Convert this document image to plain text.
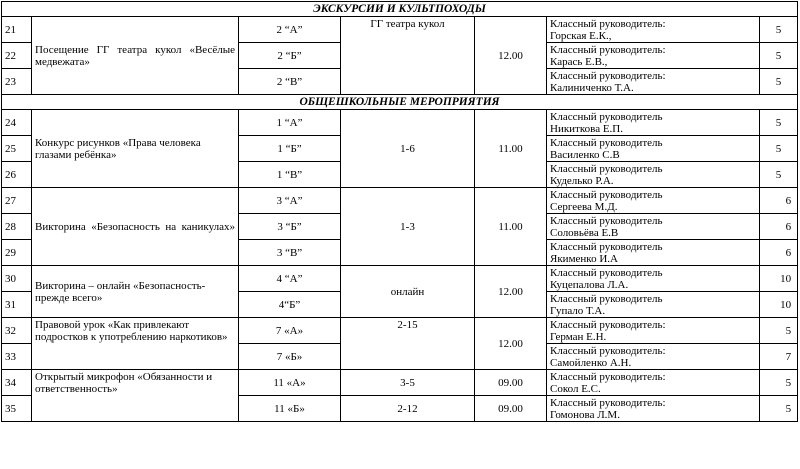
ЭКСКУРСИИ И КУЛЬТПОХОДЫ						
21	Посещение ГГ театра кукол «Весёлые медвежата»	2 “А”	ГГ театра кукол	12.00	Классный руководитель:
Горская Е.К.,	5
22		2 “Б”			Классный руководитель:
Карась Е.В.,	5
23		2 “В”			Классный руководитель:
Калиниченко Т.А.	5
ОБЩЕШКОЛЬНЫЕ МЕРОПРИЯТИЯ						
24	Конкурс рисунков «Права человека глазами ребёнка»	1 “А”	1-6	11.00	Классный руководитель
Никиткова Е.П.	5
25		1 “Б”			Классный руководитель
Василенко С.В	5
26		1 “В”			Классный руководитель
Куделько Р.А.	5
27	Викторина «Безопасность на каникулах»	3 “А”	1-3	11.00	Классный руководитель
Сергеева М.Д.	6
28		3 “Б”			Классный руководитель
Соловьёва Е.В	6
29		3 “В”			Классный руководитель
Якименко И.А	6
30	Викторина – онлайн «Безопасность- прежде всего»	4 “А”	онлайн	12.00	Классный руководитель
Куцепалова Л.А.	10
31		4“Б”			Классный руководитель
Гупало Т.А.	10
32	Правовой урок «Как привлекают подростков к употреблению наркотиков»	7 «А»	2-15	12.00	Классный руководитель:
Герман Е.Н.	5
33		7 «Б»			Классный руководитель:
Самойленко А.Н.	7
34	Открытый микрофон «Обязанности и ответственность»	11 «А»	3-5	09.00	Классный руководитель:
Сокол Е.С.	5
35		11 «Б»	2-12	09.00	Классный руководитель:
Гомонова Л.М.	5
